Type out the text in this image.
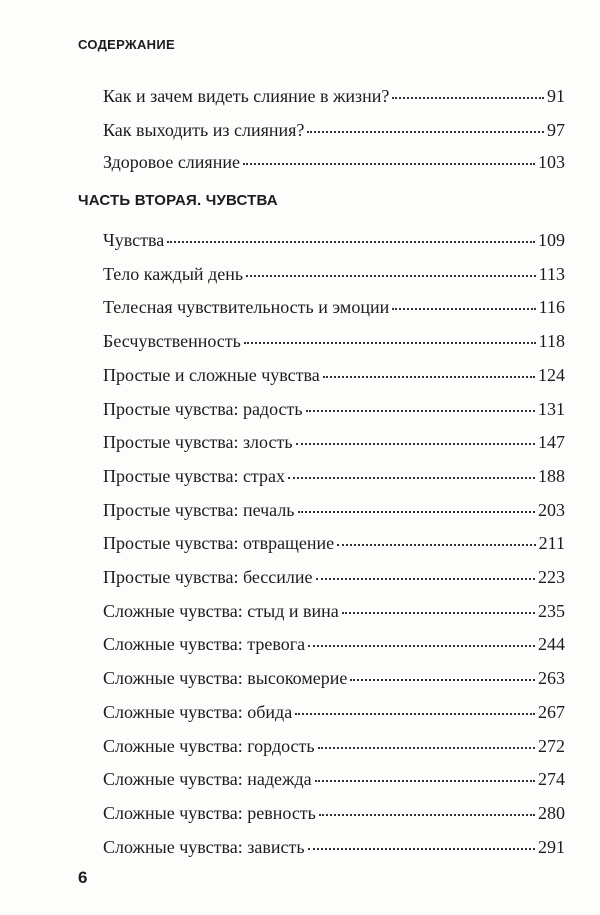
СОДЕРЖАНИЕ
ЧАСТЬ ВТОРАЯ. ЧУВСТВА
Как и зачем видеть слияние в жизни?	91
Как выходить из слияния?	97
Здоровое слияние	103
Чувства	109
Тело каждый день	113
Телесная чувствительность и эмоции	116
Бесчувственность	118
Простые и сложные чувства	124
Простые чувства: радость	131
Простые чувства: злость	147
Простые чувства: страх	188
Простые чувства: печаль	203
Простые чувства: отвращение	211
Простые чувства: бессилие	223
Сложные чувства: стыд и вина	235
Сложные чувства: тревога	244
Сложные чувства: высокомерие	263
Сложные чувства: обида	267
Сложные чувства: гордость	272
Сложные чувства: надежда	274
Сложные чувства: ревность	280
Сложные чувства: зависть	291
6
